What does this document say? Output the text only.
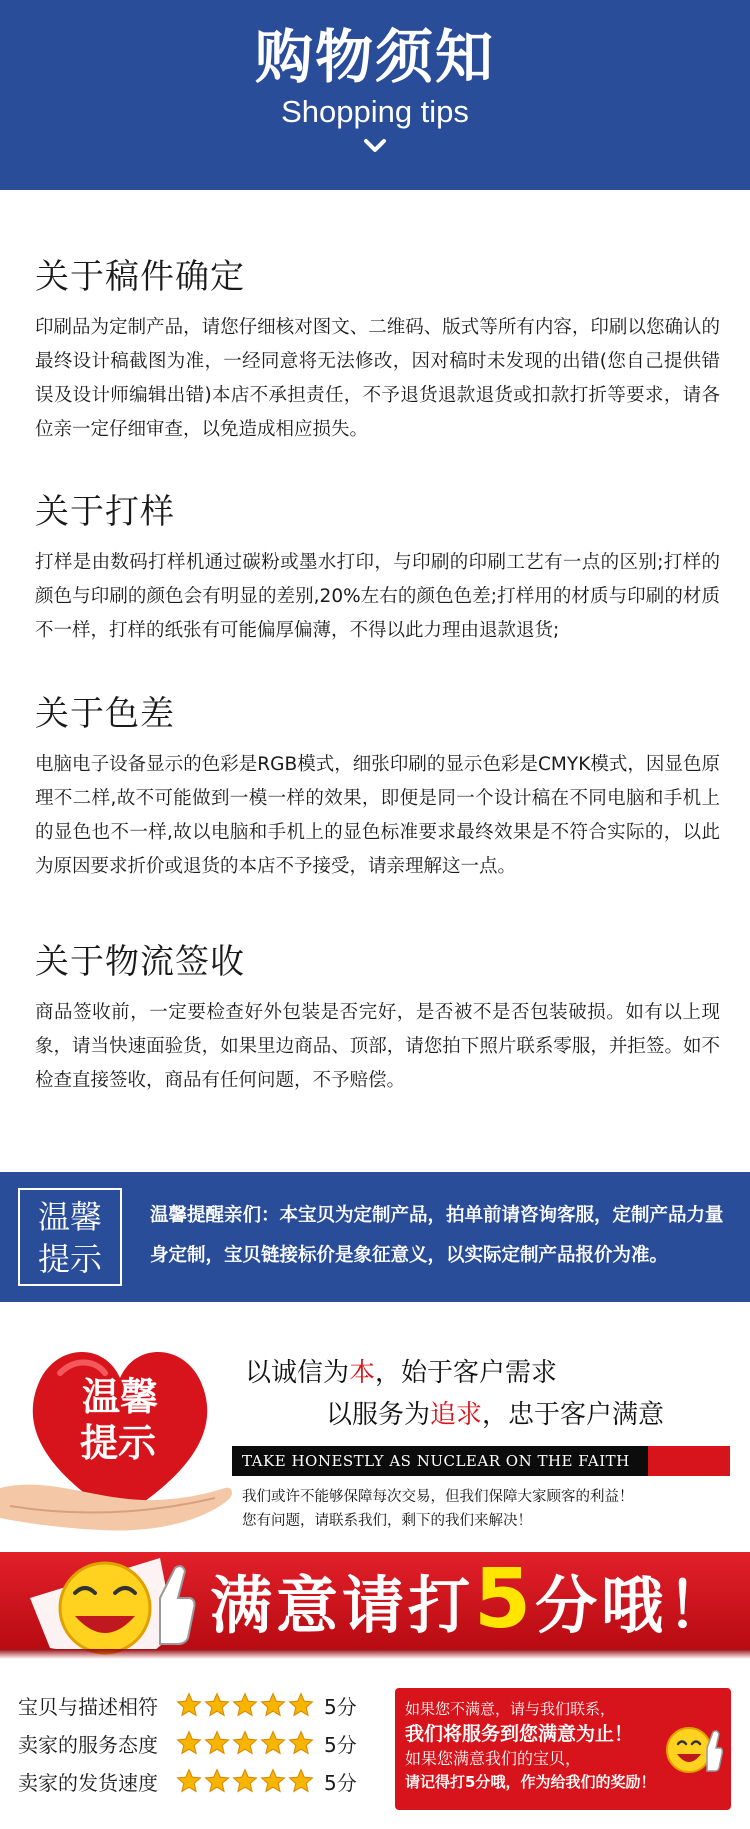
购物须知
Shopping tips
关于稿件确定

印刷品为定制产品，请您仔细核对图文、二维码、版式等所有内容，印刷以您确认的最终设计稿截图为准，一经同意将无法修改，因对稿时未发现的出错(您自己提供错误及设计师编辑出错)本店不承担责任，不予退货退款退货或扣款打折等要求，请各位亲一定仔细审查，以免造成相应损失。

关于打样

打样是由数码打样机通过碳粉或墨水打印，与印刷的印刷工艺有一点的区别;打样的颜色与印刷的颜色会有明显的差别,20%左右的颜色色差;打样用的材质与印刷的材质不一样，打样的纸张有可能偏厚偏薄，不得以此力理由退款退货;

关于色差

电脑电子设备显示的色彩是RGB模式，细张印刷的显示色彩是CMYK模式，因显色原理不二样,故不可能做到一模一样的效果，即便是同一个设计稿在不同电脑和手机上的显色也不一样,故以电脑和手机上的显色标准要求最终效果是不符合实际的，以此为原因要求折价或退货的本店不予接受，请亲理解这一点。

关于物流签收

商品签收前，一定要检查好外包装是否完好，是否被不是否包装破损。如有以上现象，请当快速面验货，如果里边商品、顶部，请您拍下照片联系零服，并拒签。如不检查直接签收，商品有任何问题，不予赔偿。

温馨
提示
温馨提醒亲们：本宝贝为定制产品，拍单前请咨询客服，定制产品力量身定制，宝贝链接标价是象征意义，以实际定制产品报价为准。
温馨
提示
以诚信为本，始于客户需求
以服务为追求，忠于客户满意
TAKE HONESTLY AS NUCLEAR ON THE FAITH
我们或许不能够保障每次交易，但我们保障大家顾客的利益！
您有问题，请联系我们，剩下的我们来解决！
满意请打5分哦！
宝贝与描述相符	5分
卖家的服务态度	5分
卖家的发货速度	5分
如果您不满意，请与我们联系，
我们将服务到您满意为止！
如果您满意我们的宝贝，
请记得打5分哦，作为给我们的奖励！
